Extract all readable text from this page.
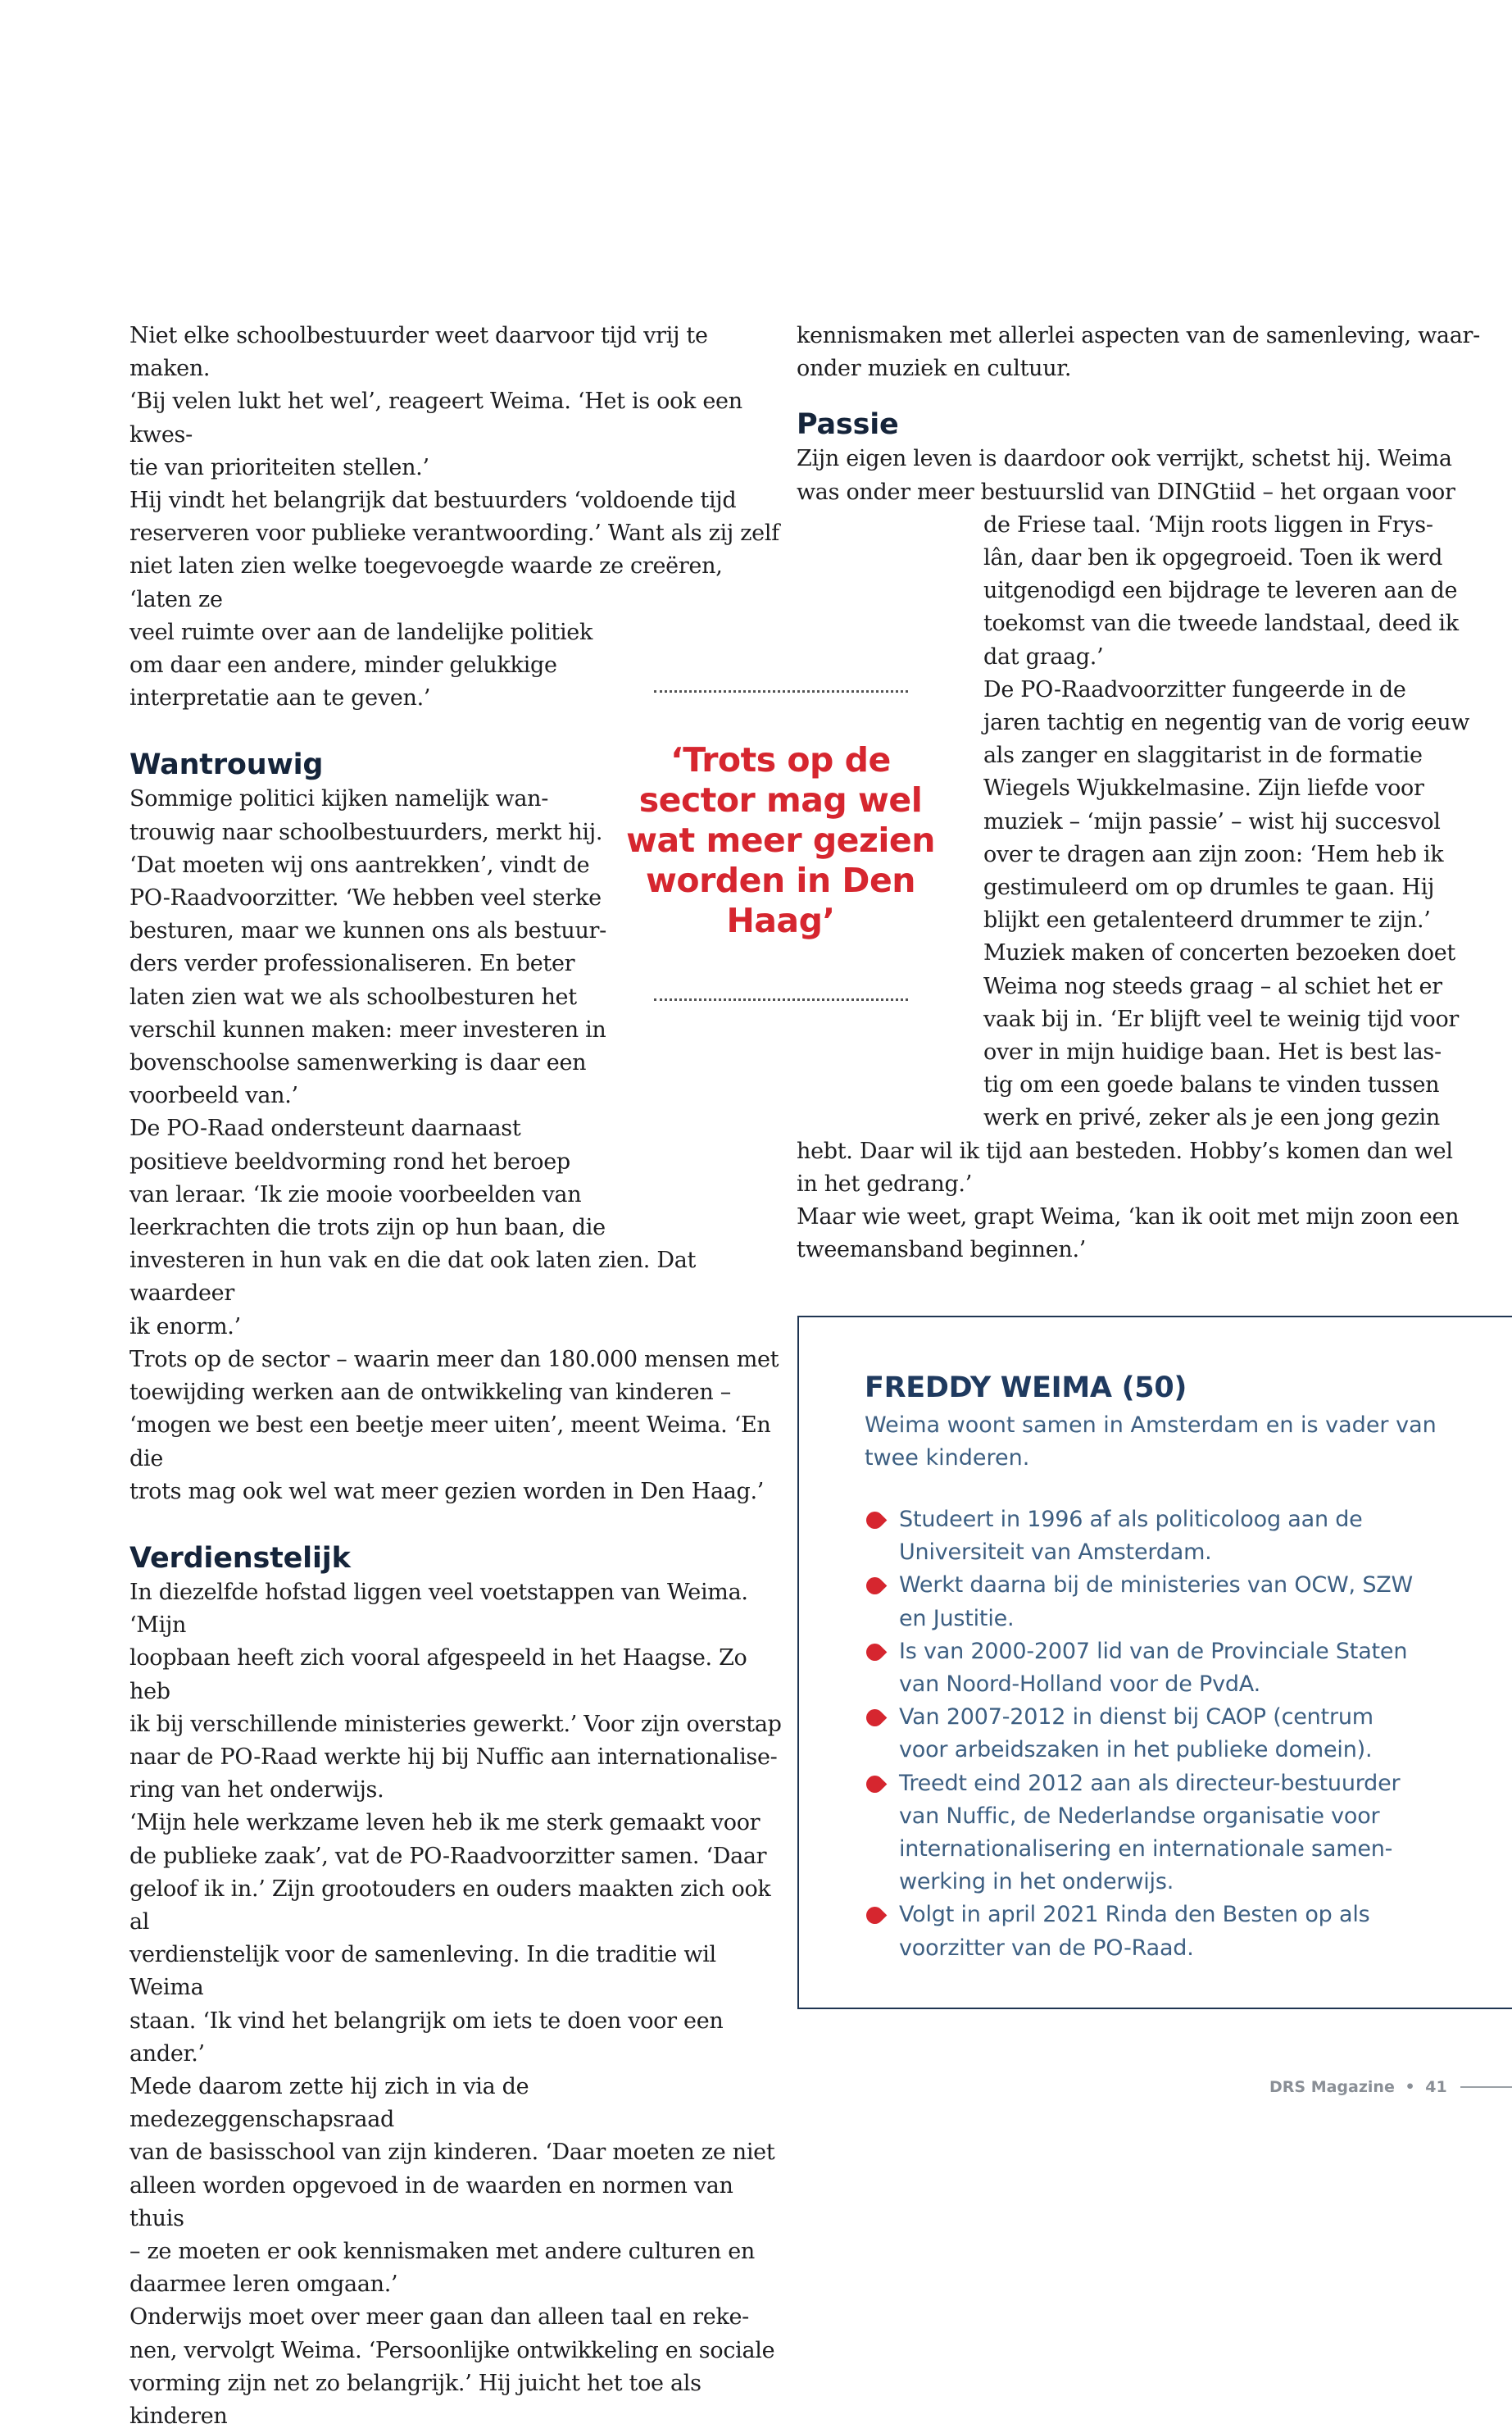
Niet elke schoolbestuurder weet daarvoor tijd vrij te maken.
‘Bij velen lukt het wel’, reageert Weima. ‘Het is ook een kwes-
tie van prioriteiten stellen.’
Hij vindt het belangrijk dat bestuurders ‘voldoende tijd
reserveren voor publieke verantwoording.’ Want als zij zelf
niet laten zien welke toegevoegde waarde ze creëren, ‘laten ze
veel ruimte over aan de landelijke politiek
om daar een andere, minder gelukkige
interpretatie aan te geven.’

Wantrouwig

Sommige politici kijken namelijk wan-
trouwig naar schoolbestuurders, merkt hij.
‘Dat moeten wij ons aantrekken’, vindt de
PO-Raadvoorzitter. ‘We hebben veel sterke
besturen, maar we kunnen ons als bestuur-
ders verder professionaliseren. En beter
laten zien wat we als schoolbesturen het
verschil kunnen maken: meer investeren in
bovenschoolse samenwerking is daar een
voorbeeld van.’
De PO-Raad ondersteunt daarnaast
positieve beeldvorming rond het beroep
van leraar. ‘Ik zie mooie voorbeelden van
leerkrachten die trots zijn op hun baan, die
investeren in hun vak en die dat ook laten zien. Dat waardeer
ik enorm.’
Trots op de sector – waarin meer dan 180.000 mensen met
toewijding werken aan de ontwikkeling van kinderen –
‘mogen we best een beetje meer uiten’, meent Weima. ‘En die
trots mag ook wel wat meer gezien worden in Den Haag.’

Verdienstelijk

In diezelfde hofstad liggen veel voetstappen van Weima. ‘Mijn
loopbaan heeft zich vooral afgespeeld in het Haagse. Zo heb
ik bij verschillende ministeries gewerkt.’ Voor zijn overstap
naar de PO-Raad werkte hij bij Nuffic aan internationalise-
ring van het onderwijs.
‘Mijn hele werkzame leven heb ik me sterk gemaakt voor
de publieke zaak’, vat de PO-Raadvoorzitter samen. ‘Daar
geloof ik in.’ Zijn grootouders en ouders maakten zich ook al
verdienstelijk voor de samenleving. In die traditie wil Weima
staan. ‘Ik vind het belangrijk om iets te doen voor een ander.’
Mede daarom zette hij zich in via de medezeggenschapsraad
van de basisschool van zijn kinderen. ‘Daar moeten ze niet
alleen worden opgevoed in de waarden en normen van thuis
– ze moeten er ook kennismaken met andere culturen en
daarmee leren omgaan.’
Onderwijs moet over meer gaan dan alleen taal en reke-
nen, vervolgt Weima. ‘Persoonlijke ontwikkeling en sociale
vorming zijn net zo belangrijk.’ Hij juicht het toe als kinderen

‘Trots op de
sector mag wel
wat meer gezien
worden in Den
Haag’

kennismaken met allerlei aspecten van de samenleving, waar-
onder muziek en cultuur.

Passie

Zijn eigen leven is daardoor ook verrijkt, schetst hij. Weima
was onder meer bestuurslid van DINGtiid – het orgaan voor

de Friese taal. ‘Mijn roots liggen in Frys-
lân, daar ben ik opgegroeid. Toen ik werd
uitgenodigd een bijdrage te leveren aan de
toekomst van die tweede landstaal, deed ik
dat graag.’
De PO-Raadvoorzitter fungeerde in de
jaren tachtig en negentig van de vorig eeuw
als zanger en slaggitarist in de formatie
Wiegels Wjukkelmasine. Zijn liefde voor
muziek – ‘mijn passie’ – wist hij succesvol
over te dragen aan zijn zoon: ‘Hem heb ik
gestimuleerd om op drumles te gaan. Hij
blijkt een getalenteerd drummer te zijn.’
Muziek maken of concerten bezoeken doet
Weima nog steeds graag – al schiet het er
vaak bij in. ‘Er blijft veel te weinig tijd voor
over in mijn huidige baan. Het is best las-
tig om een goede balans te vinden tussen
werk en privé, zeker als je een jong gezin

hebt. Daar wil ik tijd aan besteden. Hobby’s komen dan wel
in het gedrang.’
Maar wie weet, grapt Weima, ‘kan ik ooit met mijn zoon een
tweemansband beginnen.’

FREDDY WEIMA (50)

Weima woont samen in Amsterdam en is vader van
twee kinderen.

Studeert in 1996 af als politicoloog aan de
Universiteit van Amsterdam.
Werkt daarna bij de ministeries van OCW, SZW
en Justitie.
Is van 2000-2007 lid van de Provinciale Staten
van Noord-Holland voor de PvdA.
Van 2007-2012 in dienst bij CAOP (centrum
voor arbeidszaken in het publieke domein).
Treedt eind 2012 aan als directeur-bestuurder
van Nuffic, de Nederlandse organisatie voor
internationalisering en internationale samen-
werking in het onderwijs.
Volgt in april 2021 Rinda den Besten op als
voorzitter van de PO-Raad.
DRS Magazine • 41
